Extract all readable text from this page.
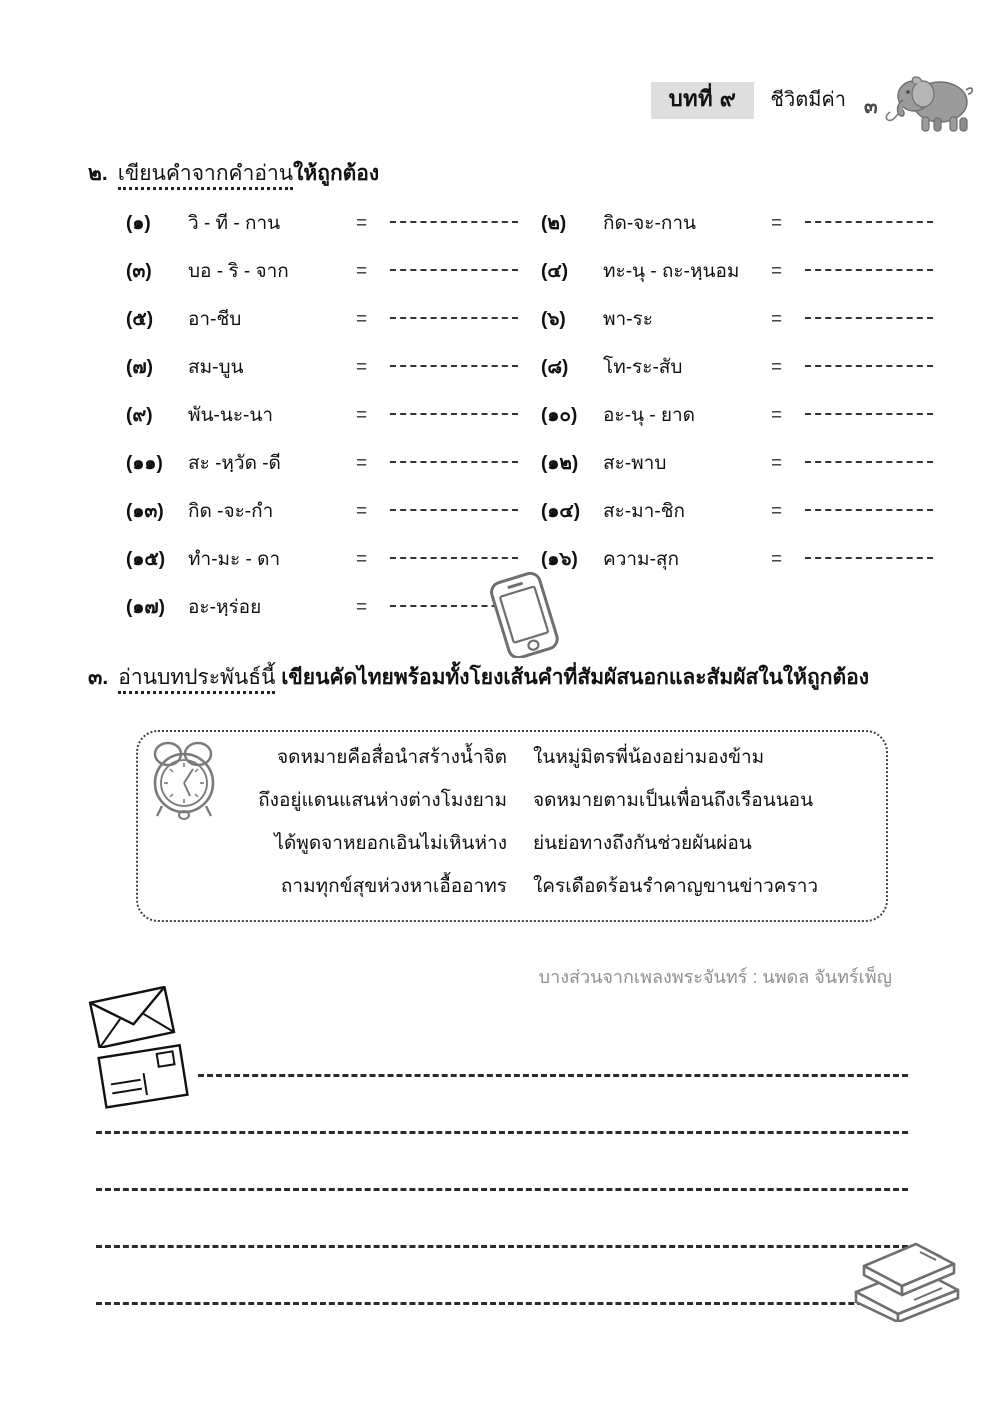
บทที่ ๙	ชีวิตมีค่า ๓
๒. เขียนคำจากคำอ่านให้ถูกต้อง
(๑)	วิ - ที - กาน	=	(๒)	กิด-จะ-กาน	=
(๓)	บอ - ริ - จาก	=	(๔)	ทะ-นุ - ถะ-หฺนอม	=
(๕)	อา-ชีบ	=	(๖)	พา-ระ	=
(๗)	สม-บูน	=	(๘)	โท-ระ-สับ	=
(๙)	พัน-นะ-นา	=	(๑๐)	อะ-นุ - ยาด	=
(๑๑)	สะ -หฺวัด -ดี	=	(๑๒)	สะ-พาบ	=
(๑๓)	กิด -จะ-กำ	=	(๑๔)	สะ-มา-ชิก	=
(๑๕)	ทำ-มะ - ดา	=	(๑๖)	ความ-สุก	=
(๑๗)	อะ-หฺร่อย	=
๓. อ่านบทประพันธ์นี้ เขียนคัดไทยพร้อมทั้งโยงเส้นคำที่สัมผัสนอกและสัมผัสในให้ถูกต้อง
จดหมายคือสื่อนำสร้างน้ำจิต	ในหมู่มิตรพี่น้องอย่ามองข้าม
ถึงอยู่แดนแสนห่างต่างโมงยาม	จดหมายตามเป็นเพื่อนถึงเรือนนอน
ได้พูดจาหยอกเอินไม่เหินห่าง	ย่นย่อทางถึงกันช่วยผันผ่อน
ถามทุกข์สุขห่วงหาเอื้ออาทร	ใครเดือดร้อนรำคาญขานข่าวคราว
บางส่วนจากเพลงพระจันทร์ : นพดล จันทร์เพ็ญ
